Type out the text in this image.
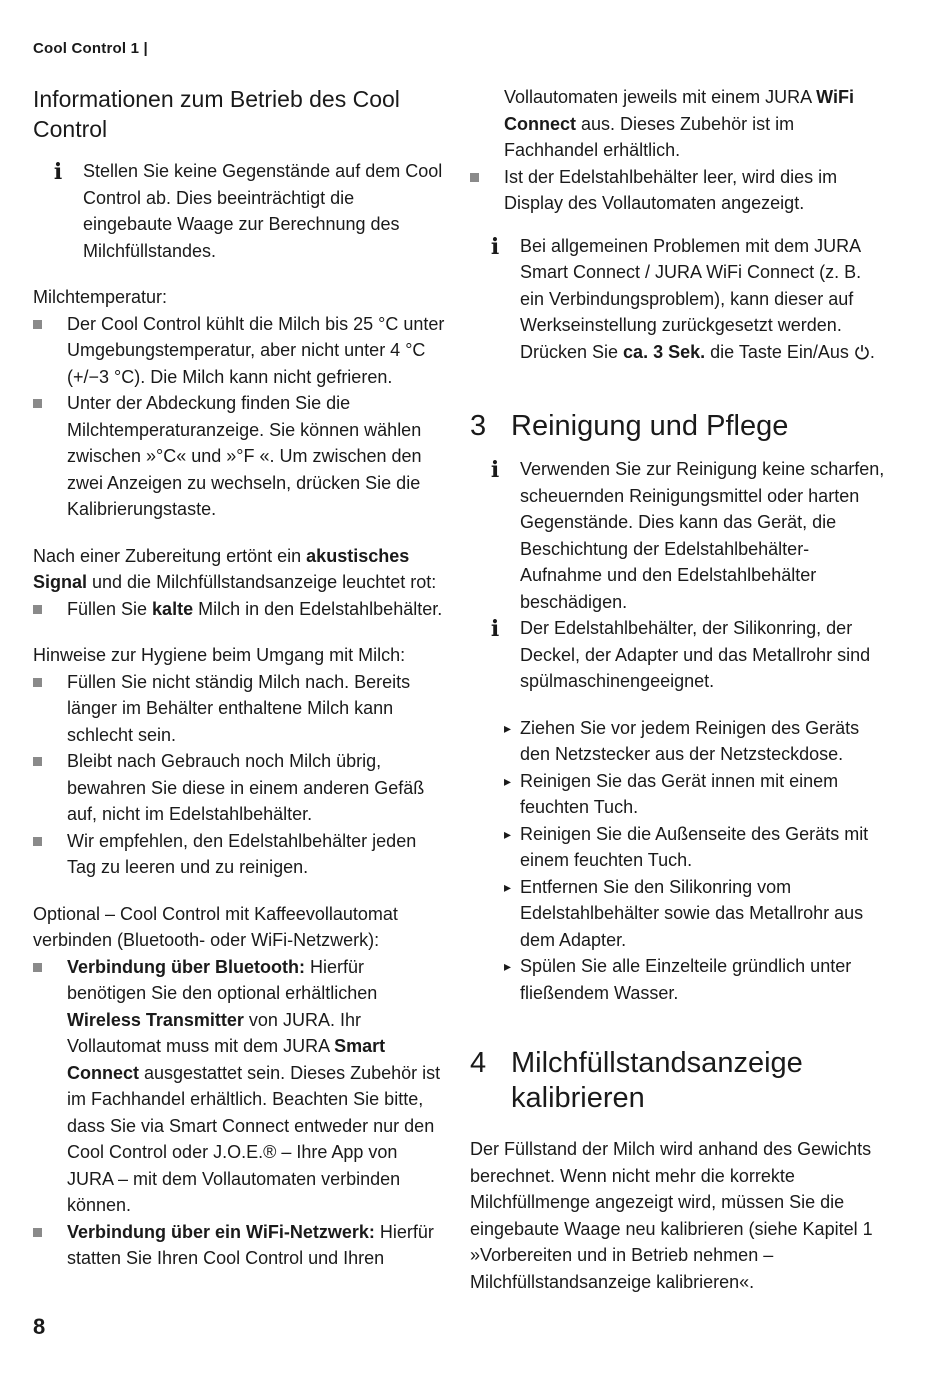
Cool Control 1 |
Informationen zum Betrieb des Cool Control
i Stellen Sie keine Gegenstände auf dem Cool Control ab. Dies beeinträchtigt die eingebaute Waage zur Berechnung des Milchfüllstandes.

Milchtemperatur:

Der Cool Control kühlt die Milch bis 25 °C unter Umgebungstemperatur, aber nicht unter 4 °C (+/−3 °C). Die Milch kann nicht gefrieren.
Unter der Abdeckung finden Sie die Milchtemperaturanzeige. Sie können wählen zwischen »°C« und »°F «. Um zwischen den zwei Anzeigen zu wechseln, drücken Sie die Kalibrierungstaste.

Nach einer Zubereitung ertönt ein akustisches Signal und die Milchfüllstandsanzeige leuchtet rot:

Füllen Sie kalte Milch in den Edelstahlbehälter.

Hinweise zur Hygiene beim Umgang mit Milch:

Füllen Sie nicht ständig Milch nach. Bereits länger im Behälter enthaltene Milch kann schlecht sein.
Bleibt nach Gebrauch noch Milch übrig, bewahren Sie diese in einem anderen Gefäß auf, nicht im Edelstahlbehälter.
Wir empfehlen, den Edelstahlbehälter jeden Tag zu leeren und zu reinigen.

Optional – Cool Control mit Kaffeevollautomat verbinden (Bluetooth- oder WiFi-Netzwerk):

Verbindung über Bluetooth: Hierfür benötigen Sie den optional erhältlichen Wireless Transmitter von JURA. Ihr Vollautomat muss mit dem JURA Smart Connect ausgestattet sein. Dieses Zubehör ist im Fachhandel erhältlich. Beachten Sie bitte, dass Sie via Smart Connect entweder nur den Cool Control oder J.O.E.® – Ihre App von JURA – mit dem Vollautomaten verbinden können.
Verbindung über ein WiFi-Netzwerk: Hierfür statten Sie Ihren Cool Control und Ihren

Vollautomaten jeweils mit einem JURA WiFi Connect aus. Dieses Zubehör ist im Fachhandel erhältlich.

Ist der Edelstahlbehälter leer, wird dies im Display des Vollautomaten angezeigt.
i Bei allgemeinen Problemen mit dem JURA Smart Connect / JURA WiFi Connect (z. B. ein Verbindungsproblem), kann dieser auf Werkseinstellung zurückgesetzt werden. Drücken Sie ca. 3 Sek. die Taste Ein/Aus .

3 Reinigung und Pflege
i Verwenden Sie zur Reinigung keine scharfen, scheuernden Reinigungsmittel oder harten Gegenstände. Dies kann das Gerät, die Beschichtung der Edelstahlbehälter-Aufnahme und den Edelstahlbehälter beschädigen.

i Der Edelstahlbehälter, der Silikonring, der Deckel, der Adapter und das Metallrohr sind spülmaschinengeeignet.

▸ Ziehen Sie vor jedem Reinigen des Geräts den Netzstecker aus der Netzsteckdose.
▸ Reinigen Sie das Gerät innen mit einem feuchten Tuch.
▸ Reinigen Sie die Außenseite des Geräts mit einem feuchten Tuch.
▸ Entfernen Sie den Silikonring vom Edelstahlbehälter sowie das Metallrohr aus dem Adapter.
▸ Spülen Sie alle Einzelteile gründlich unter fließendem Wasser.
4 Milchfüllstandsanzeige kalibrieren

Der Füllstand der Milch wird anhand des Gewichts berechnet. Wenn nicht mehr die korrekte Milchfüllmenge angezeigt wird, müssen Sie die eingebaute Waage neu kalibrieren (siehe Kapitel 1 »Vorbereiten und in Betrieb nehmen – Milchfüllstandsanzeige kalibrieren«.

8
